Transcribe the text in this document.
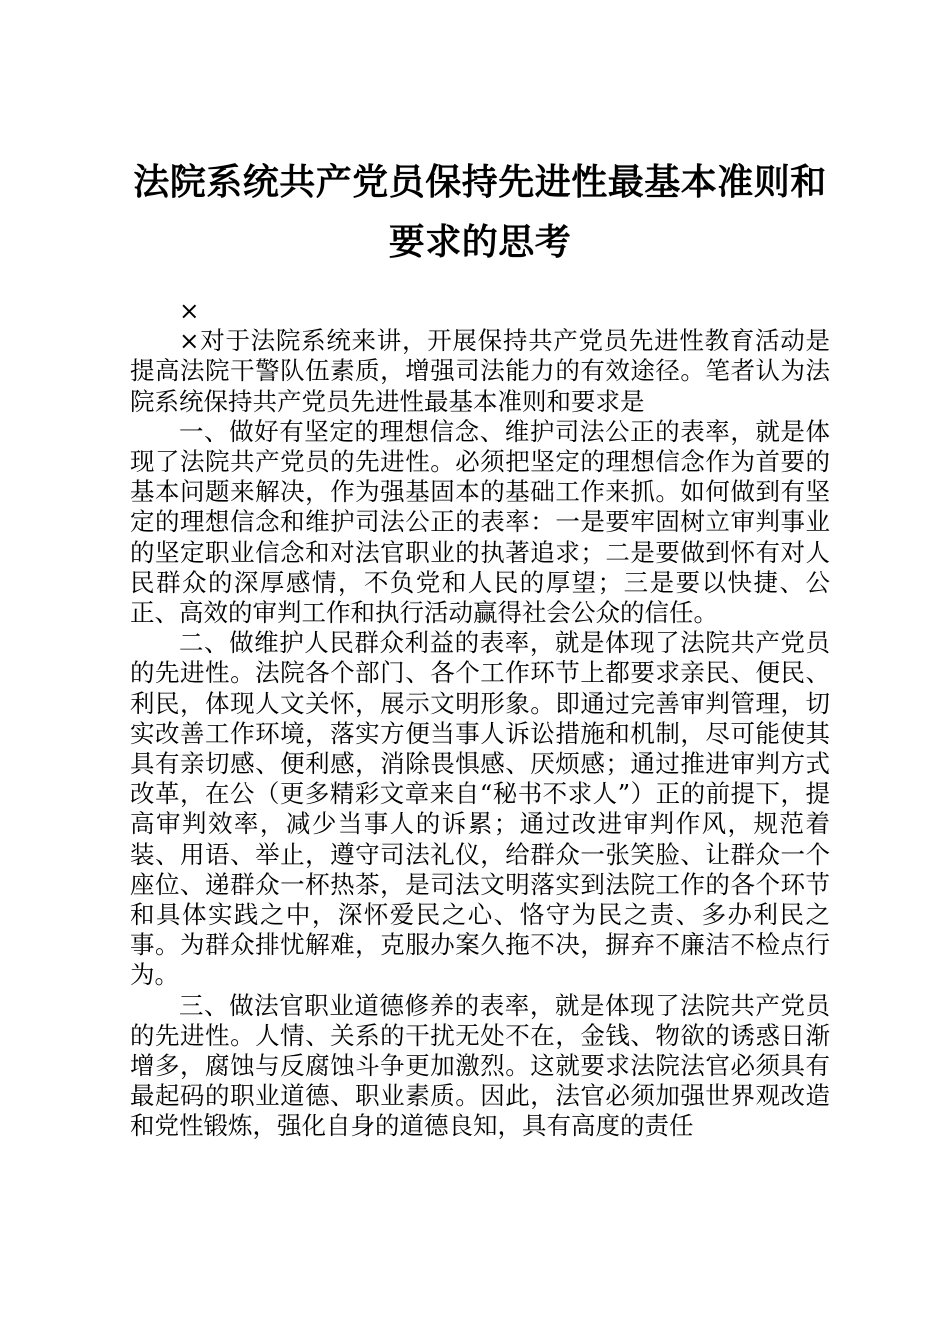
法院系统共产党员保持先进性最基本准则和要求的思考

×

×对于法院系统来讲，开展保持共产党员先进性教育活动是提高法院干警队伍素质，增强司法能力的有效途径。笔者认为法院系统保持共产党员先进性最基本准则和要求是

一、做好有坚定的理想信念、维护司法公正的表率，就是体现了法院共产党员的先进性。必须把坚定的理想信念作为首要的基本问题来解决，作为强基固本的基础工作来抓。如何做到有坚定的理想信念和维护司法公正的表率：一是要牢固树立审判事业的坚定职业信念和对法官职业的执著追求；二是要做到怀有对人民群众的深厚感情，不负党和人民的厚望；三是要以快捷、公正、高效的审判工作和执行活动赢得社会公众的信任。

二、做维护人民群众利益的表率，就是体现了法院共产党员的先进性。法院各个部门、各个工作环节上都要求亲民、便民、利民，体现人文关怀，展示文明形象。即通过完善审判管理，切实改善工作环境，落实方便当事人诉讼措施和机制，尽可能使其具有亲切感、便利感，消除畏惧感、厌烦感；通过推进审判方式改革，在公（更多精彩文章来自“秘书不求人”）正的前提下，提高审判效率，减少当事人的诉累；通过改进审判作风，规范着装、用语、举止，遵守司法礼仪，给群众一张笑脸、让群众一个座位、递群众一杯热茶，是司法文明落实到法院工作的各个环节和具体实践之中，深怀爱民之心、恪守为民之责、多办利民之事。为群众排忧解难，克服办案久拖不决，摒弃不廉洁不检点行为。

三、做法官职业道德修养的表率，就是体现了法院共产党员的先进性。人情、关系的干扰无处不在，金钱、物欲的诱惑日渐增多，腐蚀与反腐蚀斗争更加激烈。这就要求法院法官必须具有最起码的职业道德、职业素质。因此，法官必须加强世界观改造和党性锻炼，强化自身的道德良知，具有高度的责任
